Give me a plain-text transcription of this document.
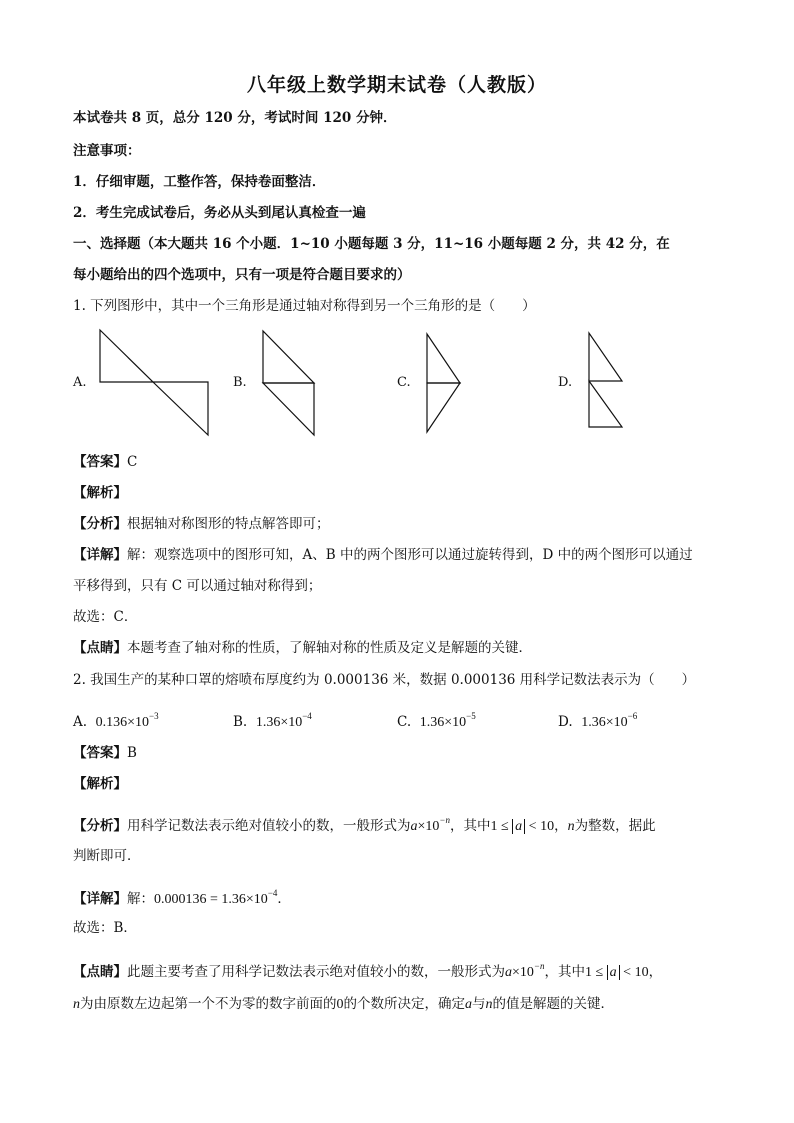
八年级上数学期末试卷（人教版）
本试卷共 8 页，总分 120 分，考试时间 120 分钟．
注意事项：
1．仔细审题，工整作答，保持卷面整洁．
2．考生完成试卷后，务必从头到尾认真检查一遍
一、选择题（本大题共 16 个小题．1~10 小题每题 3 分，11~16 小题每题 2 分，共 42 分，在
每小题给出的四个选项中，只有一项是符合题目要求的）
1. 下列图形中，其中一个三角形是通过轴对称得到另一个三角形的是（　　）
A.	B.	C.	D.
【答案】C
【解析】
【分析】根据轴对称图形的特点解答即可；
【详解】解：观察选项中的图形可知，A、B 中的两个图形可以通过旋转得到，D 中的两个图形可以通过
平移得到，只有 C 可以通过轴对称得到；
故选：C．
【点睛】本题考查了轴对称的性质，了解轴对称的性质及定义是解题的关键．
2. 我国生产的某种口罩的熔喷布厚度约为 0.000136 米，数据 0.000136 用科学记数法表示为（　　）
A. $0.136\times 10^{-3}$	B. $1.36\times 10^{-4}$	C. $1.36\times 10^{-5}$	D. $1.36\times 10^{-6}$
【答案】B
【解析】
【分析】用科学记数法表示绝对值较小的数，一般形式为$a\times 10^{-n}$，其中1 ≤ a < 10，n为整数，据此
判断即可．
【详解】解：$0.000136 = 1.36\times 10^{-4}$．
故选：B．
【点睛】此题主要考查了用科学记数法表示绝对值较小的数，一般形式为$a\times 10^{-n}$，其中1 ≤ a < 10，
n为由原数左边起第一个不为零的数字前面的0的个数所决定，确定a与n的值是解题的关键．
